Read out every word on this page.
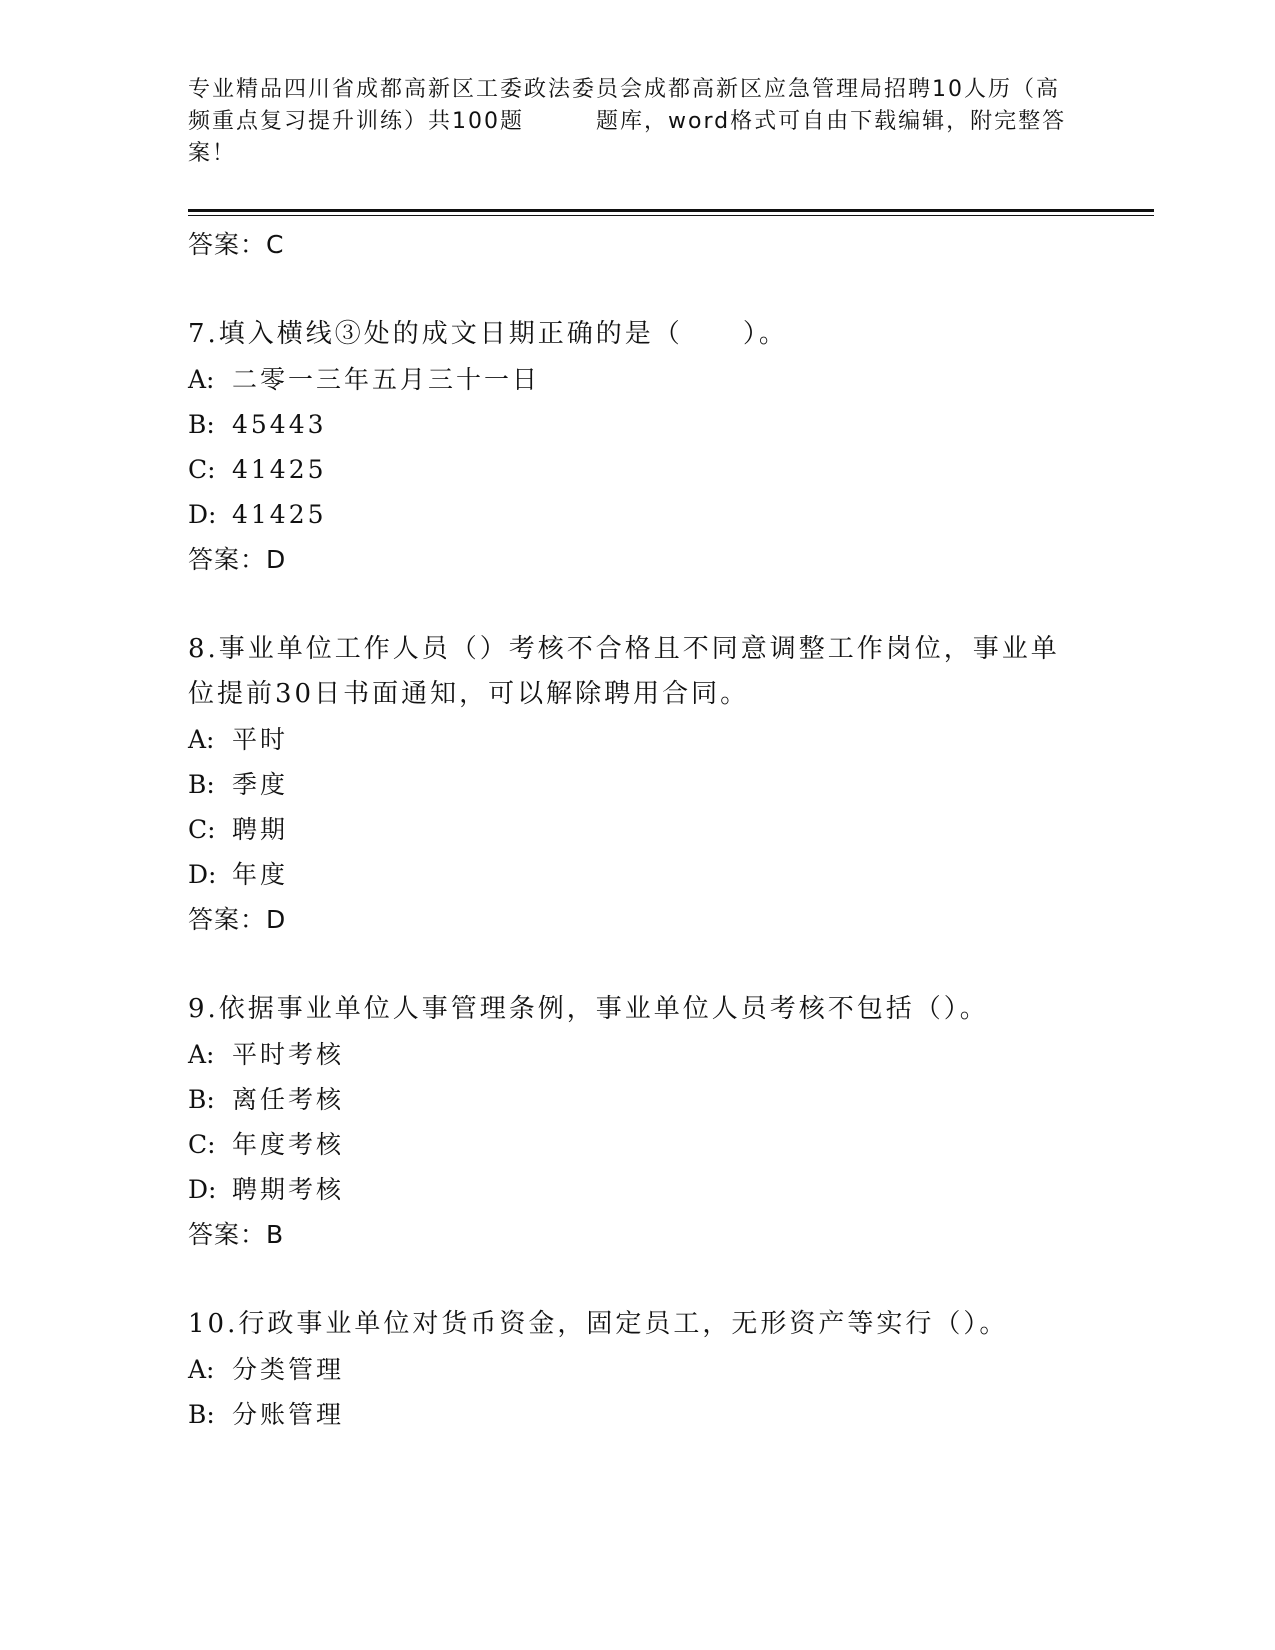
专业精品四川省成都高新区工委政法委员会成都高新区应急管理局招聘10人历（高频重点复习提升训练）共100题	题库，word格式可自由下载编辑，附完整答案！
答案：C
7.填入横线③处的成文日期正确的是（ ）。
A: 二零一三年五月三十一日
B: 45443
C: 41425
D: 41425
答案：D
8.事业单位工作人员（）考核不合格且不同意调整工作岗位，事业单位提前30日书面通知，可以解除聘用合同。
A: 平时
B: 季度
C: 聘期
D: 年度
答案：D
9.依据事业单位人事管理条例，事业单位人员考核不包括（）。
A: 平时考核
B: 离任考核
C: 年度考核
D: 聘期考核
答案：B
10.行政事业单位对货币资金，固定员工，无形资产等实行（）。
A: 分类管理
B: 分账管理
